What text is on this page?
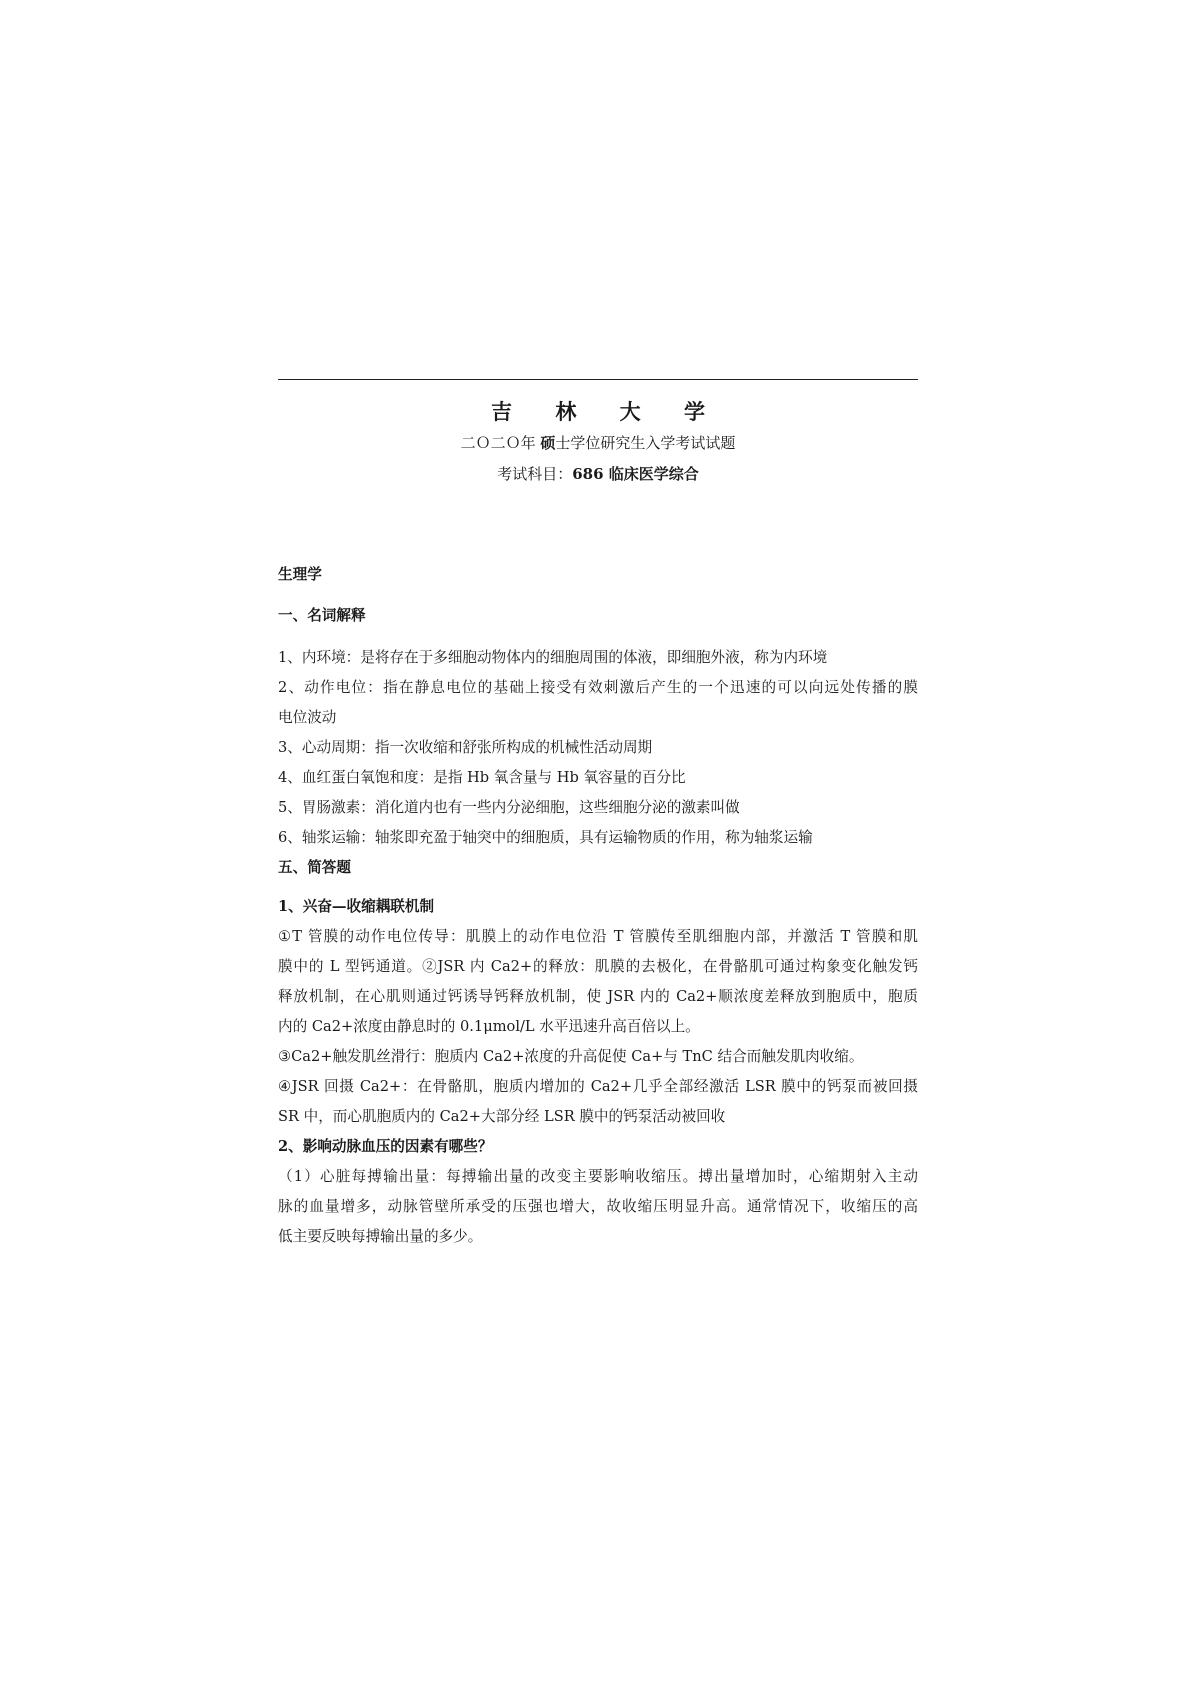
吉 林 大 学
二Ｏ二Ｏ年 硕士学位研究生入学考试试题
考试科目：686 临床医学综合
生理学
一、名词解释
1、内环境：是将存在于多细胞动物体内的细胞周围的体液，即细胞外液，称为内环境
2、动作电位：指在静息电位的基础上接受有效刺激后产生的一个迅速的可以向远处传播的膜
电位波动
3、心动周期：指一次收缩和舒张所构成的机械性活动周期
4、血红蛋白氧饱和度：是指 Hb 氧含量与 Hb 氧容量的百分比
5、胃肠激素：消化道内也有一些内分泌细胞，这些细胞分泌的激素叫做
6、轴浆运输：轴浆即充盈于轴突中的细胞质，具有运输物质的作用，称为轴浆运输
五、简答题
1、兴奋—收缩耦联机制
①T 管膜的动作电位传导：肌膜上的动作电位沿 T 管膜传至肌细胞内部，并激活 T 管膜和肌
膜中的 L 型钙通道。②JSR 内 Ca2+的释放：肌膜的去极化，在骨骼肌可通过构象变化触发钙
释放机制，在心肌则通过钙诱导钙释放机制，使 JSR 内的 Ca2+顺浓度差释放到胞质中，胞质
内的 Ca2+浓度由静息时的 0.1μmol/L 水平迅速升高百倍以上。
③Ca2+触发肌丝滑行：胞质内 Ca2+浓度的升高促使 Ca+与 TnC 结合而触发肌肉收缩。
④JSR 回摄 Ca2+：在骨骼肌，胞质内增加的 Ca2+几乎全部经激活 LSR 膜中的钙泵而被回摄
SR 中，而心肌胞质内的 Ca2+大部分经 LSR 膜中的钙泵活动被回收
2、影响动脉血压的因素有哪些？
（1）心脏每搏输出量：每搏输出量的改变主要影响收缩压。搏出量增加时，心缩期射入主动
脉的血量增多，动脉管壁所承受的压强也增大，故收缩压明显升高。通常情况下，收缩压的高
低主要反映每搏输出量的多少。
